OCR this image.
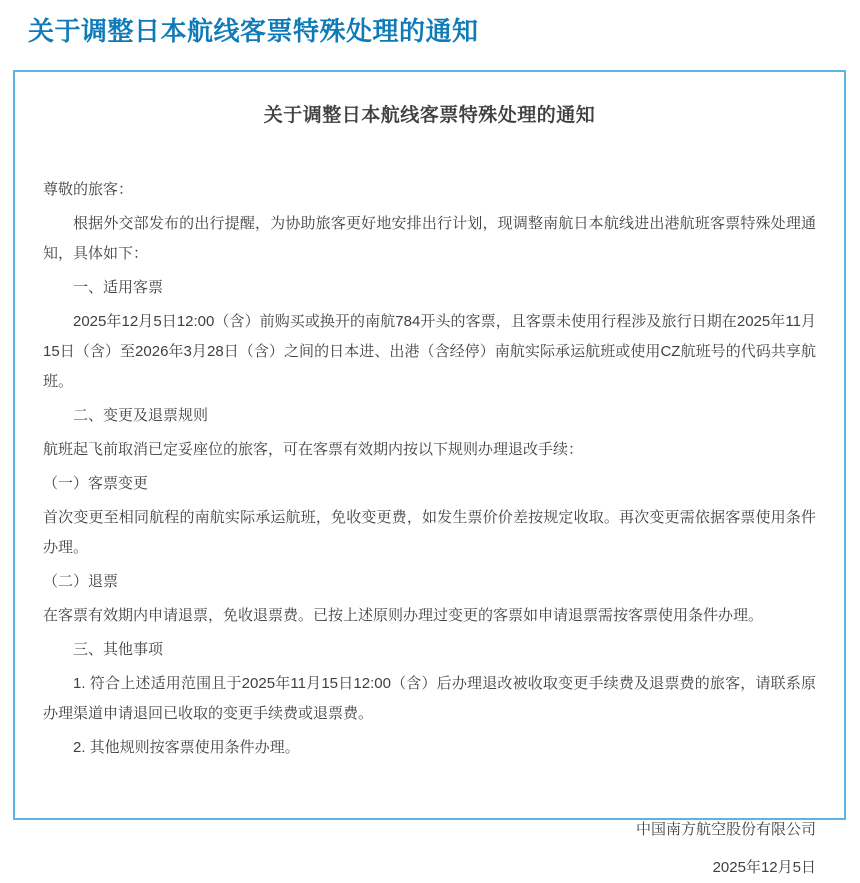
关于调整日本航线客票特殊处理的通知
关于调整日本航线客票特殊处理的通知

尊敬的旅客：

根据外交部发布的出行提醒，为协助旅客更好地安排出行计划，现调整南航日本航线进出港航班客票特殊处理通知，具体如下：

一、适用客票

2025年12月5日12:00（含）前购买或换开的南航784开头的客票，且客票未使用行程涉及旅行日期在2025年11月15日（含）至2026年3月28日（含）之间的日本进、出港（含经停）南航实际承运航班或使用CZ航班号的代码共享航班。

二、变更及退票规则

航班起飞前取消已定妥座位的旅客，可在客票有效期内按以下规则办理退改手续：

（一）客票变更

首次变更至相同航程的南航实际承运航班，免收变更费，如发生票价价差按规定收取。再次变更需依据客票使用条件办理。

（二）退票

在客票有效期内申请退票，免收退票费。已按上述原则办理过变更的客票如申请退票需按客票使用条件办理。

三、其他事项

1. 符合上述适用范围且于2025年11月15日12:00（含）后办理退改被收取变更手续费及退票费的旅客，请联系原办理渠道申请退回已收取的变更手续费或退票费。

2. 其他规则按客票使用条件办理。

中国南方航空股份有限公司
2025年12月5日
